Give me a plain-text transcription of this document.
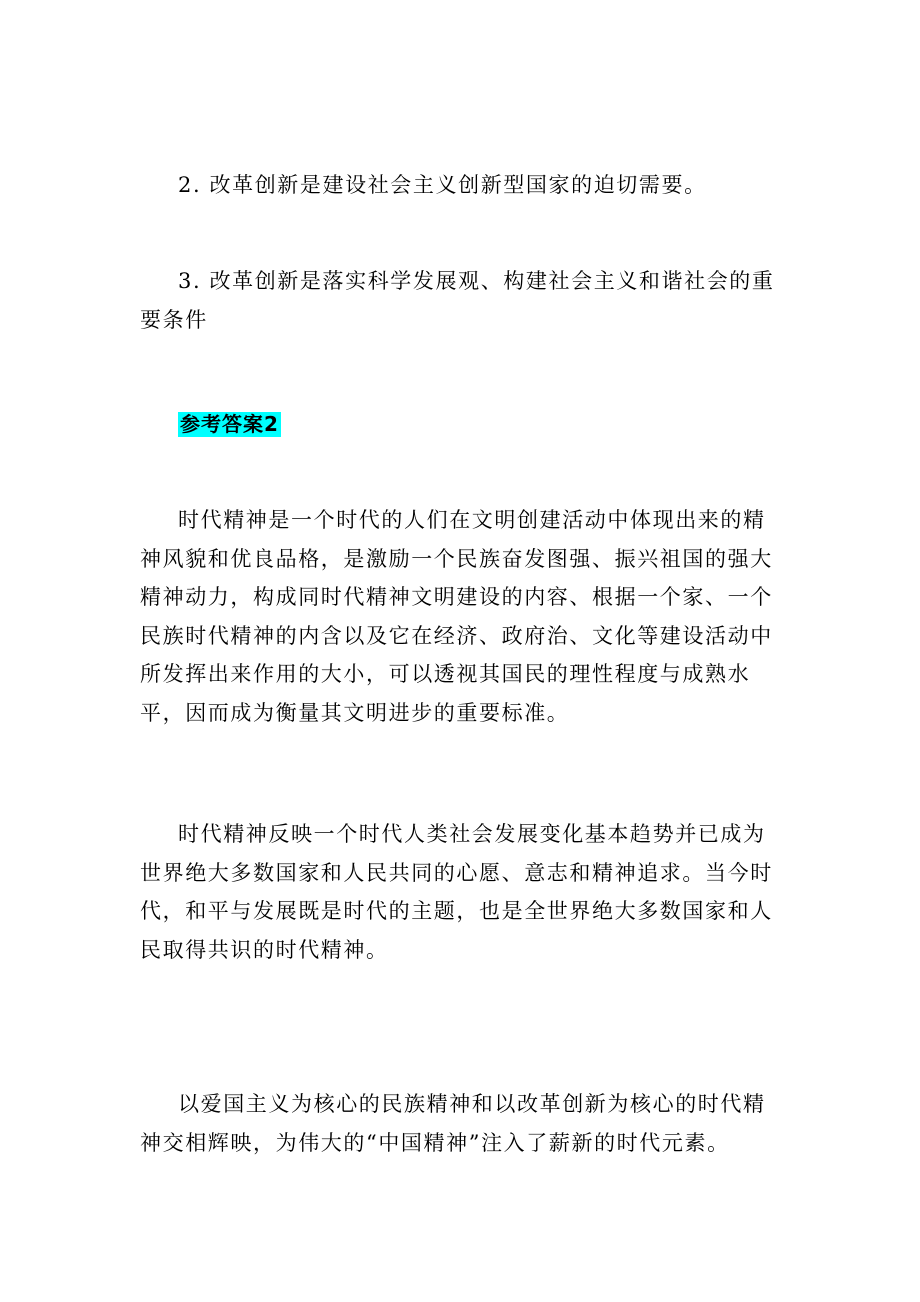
2. 改革创新是建设社会主义创新型国家的迫切需要。

3. 改革创新是落实科学发展观、构建社会主义和谐社会的重要条件

参考答案2

时代精神是一个时代的人们在文明创建活动中体现出来的精神风貌和优良品格，是激励一个民族奋发图强、振兴祖国的强大精神动力，构成同时代精神文明建设的内容、根据一个家、一个民族时代精神的内含以及它在经济、政府治、文化等建设活动中所发挥出来作用的大小，可以透视其国民的理性程度与成熟水平，因而成为衡量其文明进步的重要标准。

时代精神反映一个时代人类社会发展变化基本趋势并已成为世界绝大多数国家和人民共同的心愿、意志和精神追求。当今时代，和平与发展既是时代的主题，也是全世界绝大多数国家和人民取得共识的时代精神。

以爱国主义为核心的民族精神和以改革创新为核心的时代精神交相辉映，为伟大的“中国精神”注入了薪新的时代元素。
